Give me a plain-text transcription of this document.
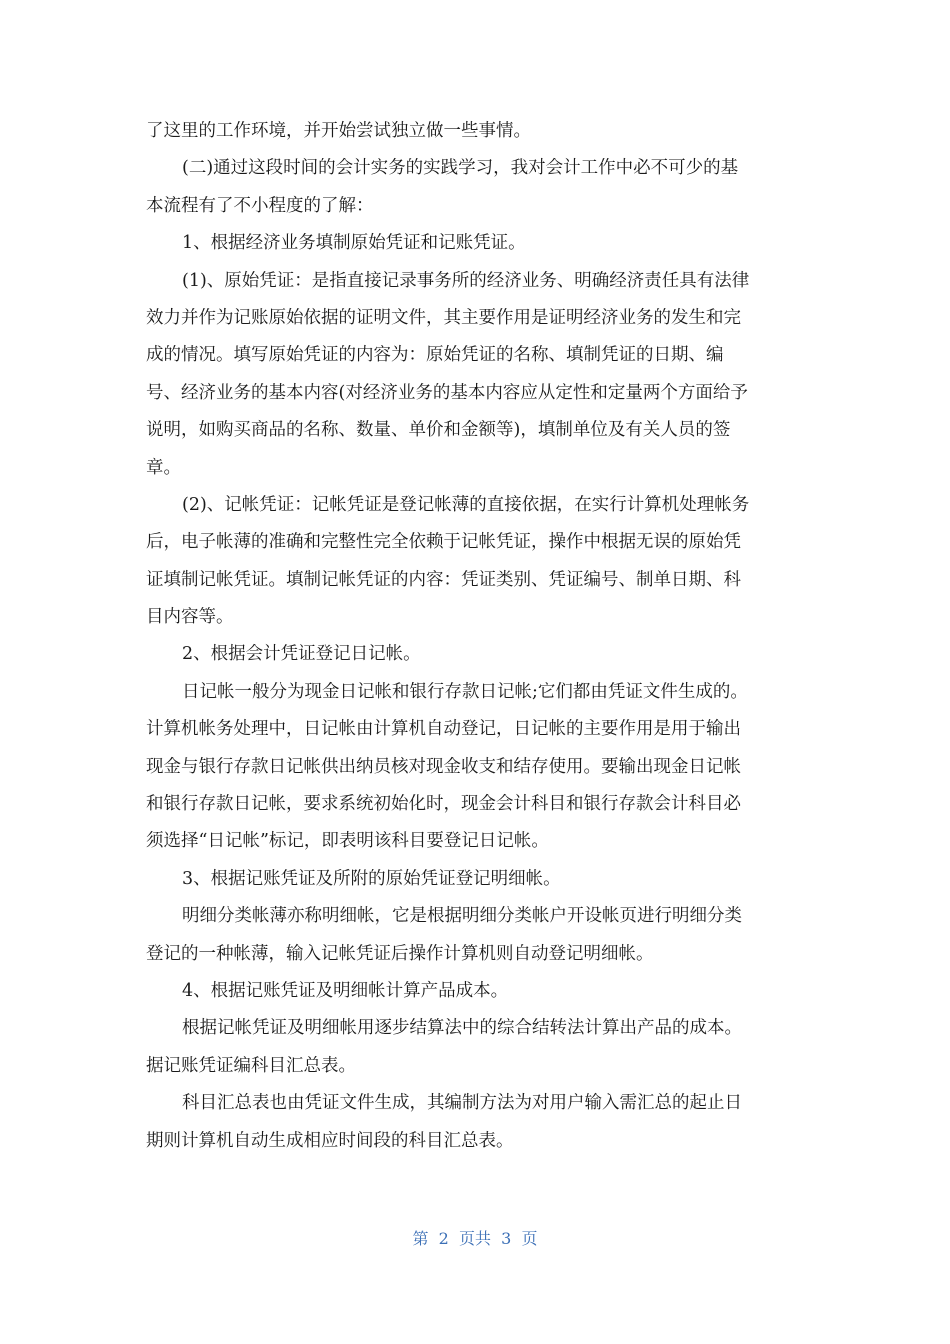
了这里的工作环境，并开始尝试独立做一些事情。
(二)通过这段时间的会计实务的实践学习，我对会计工作中必不可少的基
本流程有了不小程度的了解：
1、根据经济业务填制原始凭证和记账凭证。
(1)、原始凭证：是指直接记录事务所的经济业务、明确经济责任具有法律
效力并作为记账原始依据的证明文件，其主要作用是证明经济业务的发生和完
成的情况。填写原始凭证的内容为：原始凭证的名称、填制凭证的日期、编
号、经济业务的基本内容(对经济业务的基本内容应从定性和定量两个方面给予
说明，如购买商品的名称、数量、单价和金额等)，填制单位及有关人员的签
章。
(2)、记帐凭证：记帐凭证是登记帐薄的直接依据，在实行计算机处理帐务
后，电子帐薄的准确和完整性完全依赖于记帐凭证，操作中根据无误的原始凭
证填制记帐凭证。填制记帐凭证的内容：凭证类别、凭证编号、制单日期、科
目内容等。
2、根据会计凭证登记日记帐。
日记帐一般分为现金日记帐和银行存款日记帐;它们都由凭证文件生成的。
计算机帐务处理中，日记帐由计算机自动登记，日记帐的主要作用是用于输出
现金与银行存款日记帐供出纳员核对现金收支和结存使用。要输出现金日记帐
和银行存款日记帐，要求系统初始化时，现金会计科目和银行存款会计科目必
须选择“日记帐”标记，即表明该科目要登记日记帐。
3、根据记账凭证及所附的原始凭证登记明细帐。
明细分类帐薄亦称明细帐，它是根据明细分类帐户开设帐页进行明细分类
登记的一种帐薄，输入记帐凭证后操作计算机则自动登记明细帐。
4、根据记账凭证及明细帐计算产品成本。
根据记帐凭证及明细帐用逐步结算法中的综合结转法计算出产品的成本。
据记账凭证编科目汇总表。
科目汇总表也由凭证文件生成，其编制方法为对用户输入需汇总的起止日
期则计算机自动生成相应时间段的科目汇总表。
第  2  页共  3  页
